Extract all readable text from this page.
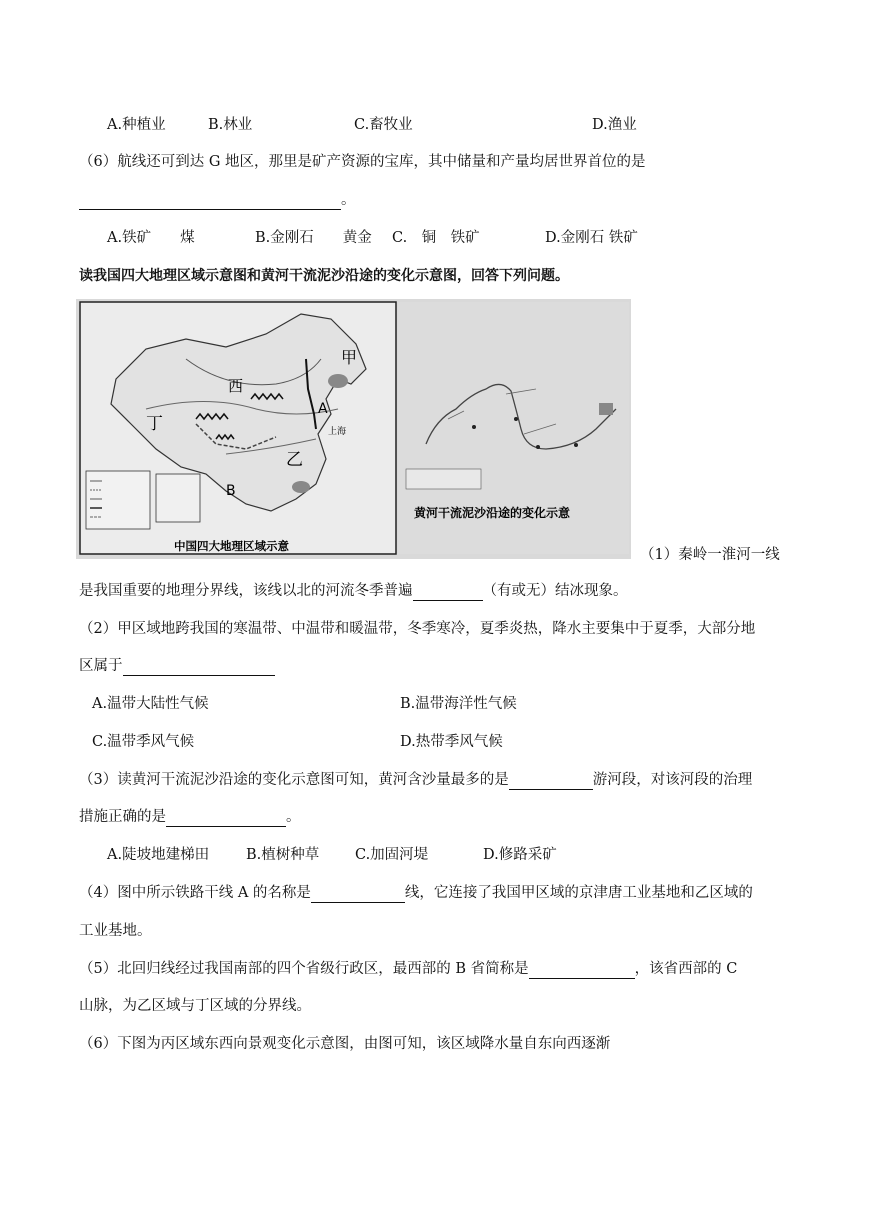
A.种植业	B.林业	C.畜牧业	D.渔业
（6）航线还可到达 G 地区，那里是矿产资源的宝库，其中储量和产量均居世界首位的是
。
A.铁矿　　煤	B.金刚石　　黄金 C.　铜　铁矿	D.金刚石 铁矿
读我国四大地理区域示意图和黄河干流泥沙沿途的变化示意图，回答下列问题。
甲
西
丁
乙
A
B
上海
中国四大地理区域示意
黄河干流泥沙沿途的变化示意
（1）秦岭一淮河一线
是我国重要的地理分界线，该线以北的河流冬季普遍	（有或无）结冰现象。
（2）甲区域地跨我国的寒温带、中温带和暖温带，冬季寒冷，夏季炎热，降水主要集中于夏季，大部分地
区属于
A.温带大陆性气候	B.温带海洋性气候
C.温带季风气候	D.热带季风气候
（3）读黄河干流泥沙沿途的变化示意图可知，黄河含沙量最多的是	游河段，对该河段的治理
措施正确的是	。
A.陡坡地建梯田	B.植树种草 C.加固河堤	D.修路采矿
（4）图中所示铁路干线 A 的名称是	线，它连接了我国甲区域的京津唐工业基地和乙区域的
工业基地。
（5）北回归线经过我国南部的四个省级行政区，最西部的 B 省简称是	，该省西部的 C
山脉，为乙区域与丁区域的分界线。
（6）下图为丙区域东西向景观变化示意图，由图可知，该区域降水量自东向西逐渐
